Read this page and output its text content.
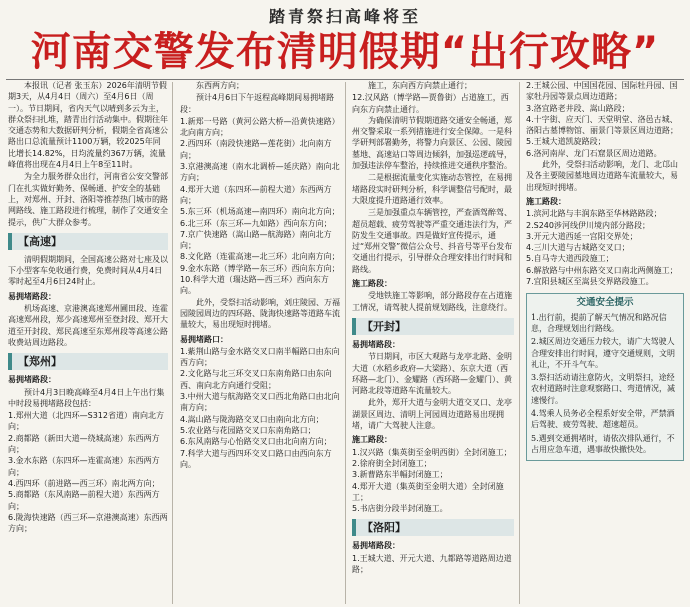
踏青祭扫高峰将至
河南交警发布清明假期“出行攻略”

本报讯（记者 张玉东）2026年清明节假期3天，从4月4日（周六）至4月6日（周一）。节日期间，省内天气以晴到多云为主，群众祭扫扎堆，踏青出行活动集中。假期往年交通态势和大数据研判分析，假期全省高速公路出口总流量预计1100万辆，较2025年同比增长14.82%，日均流量约367万辆，流量峰值将出现在4月4日上午8至11时。

为全力服务群众出行，河南省公安交警部门在扎实做好勤务、保畅通、护安全的基础上，对郑州、开封、洛阳等推荐热门城市的路网路线、施工路段进行梳理，制作了交通安全提示，供广大群众参考。

【高速】

清明假期期间，全国高速公路对七座及以下小型客车免收通行费，免费时间从4月4日零时起至4月6日24时止。

易拥堵路段：

机场高速、京港澳高速郑州圃田段、连霍高速郑州段，郑少高速郑州至登封段、郑开大道至开封段、郑民高速至东郑州段等高速公路收费站周边路段。

【郑州】
易拥堵路段：

预计4月3日晚高峰至4月4日上午出行集中时段易拥堵路段包括：

1.郑州大道（北四环—S312省道）南向北方向；
2.商都路（新田大道—绕城高速）东西两方向；
3.金水东路（东四环—连霍高速）东西两方向；
4.西四环（前进路—西三环）南北两方向；
5.商都路（东风南路—前程大道）东西两方向；
6.陇海快速路（西三环—京港澳高速）东西两方向；

东西两方向；

预计4月6日下午返程高峰期间易拥堵路段：

1.新郑一号路（黄河公路大桥—沿黄快速路）北向南方向；
2.西四环（南段快速路—莲花街）北向南方向；
3.京港澳高速（南水北调桥—延庆路）南向北方向；
4.郑开大道（东四环—前程大道）东西两方向；
5.东三环（机场高速—南四环）南向北方向；
6.北三环（东三环—九如路）西向东方向；
7.京广快速路（嵩山路—航海路）南向北方向；
8.文化路（连霍高速—北三环）北向南方向；
9.金水东路（博学路—东三环）西向东方向；
10.科学大道（瑞达路—西三环）西向东方向。

此外，受祭扫活动影响，刘庄陵园、万福园陵园周边的四环路、陇海快速路等道路车流量较大，易出现短时拥堵。

易拥堵路口：
1.紫荆山路与金水路交叉口南半幅路口由东向西方向；
2.文化路与北三环交叉口东南角路口由东向西、南向北方向通行受阻；
3.中州大道与航海路交叉口西北角路口由北向南方向；
4.嵩山路与陇海路交叉口由南向北方向；
5.农业路与花园路交叉口东南角路口；
6.东风南路与心怡路交叉口由北向南方向；
7.科学大道与西四环交叉口路口由西向东方向。

施工，东向西方向禁止通行；

12.汉风路（博学路—贾鲁街）占道施工，西向东方向禁止通行。

为确保清明节假期道路交通安全畅通，郑州交警采取一系列措施进行安全保障。一是科学研判部署勤务，将警力向景区、公园、陵园墓地、高速站口等周边倾斜，加强巡逻疏导，加强违法停车整治，持续推进交通秩序整治。

二是根据流量变化实施动态管控，在易拥堵路段实时研判分析，科学调整信号配时，最大限度提升道路通行效率。

三是加强重点车辆管控，严查酒驾醉驾、超员超载、疲劳驾驶等严重交通违法行为，严防发生交通事故。四是做好宣传提示，通过“郑州交警”微信公众号、抖音号等平台发布交通出行提示，引导群众合理安排出行时间和路线。

施工路段：

受地铁施工等影响，部分路段存在占道施工情况，请驾驶人提前规划路线，注意绕行。

【开封】
易拥堵路段：

节日期间，市区大观路与龙亭北路、金明大道（水稻乡政府—大梁路）、东京大道（西环路—北门）、金耀路（西环路—金耀门）、黄河路北段等道路车流量较大。

此外，郑开大道与金明大道交叉口、龙亭湖景区周边、清明上河园周边道路易出现拥堵，请广大驾驶人注意。

施工路段：
1.汉兴路（集英街至金明西街）全封闭施工；
2.徐府街全封闭施工；
3.新曹路东半幅封闭施工；
4.郑开大道（集英街至金明大道）全封闭施工；
5.书店街分段半封闭施工。
【洛阳】
易拥堵路段：
1.王城大道、开元大道、九都路等道路周边道路；
2.王城公园、中国国花园、国际牡丹园、国家牡丹园等景点周边道路；
3.洛宜路老井段、嵩山路段；
4.十字街、应天门、天堂明堂、洛邑古城、洛阳古墓博物馆、丽景门等景区周边道路；
5.王城大道凯旋路段；
6.洛河南岸、龙门石窟景区周边道路。

此外，受祭扫活动影响，龙门、北邙山及各主要陵园墓地周边道路车流量较大，易出现短时拥堵。

施工路段：
1.滨河北路与丰润东路至华林路路段；
2.S240涉河线伊川境内部分路段；
3.开元大道西延一宫阳交界处；
4.三川大道与古城路交叉口；
5.自马寺大道西段施工；
6.解放路与中州东路交叉口南北两侧施工；
7.宜阳县城区至嵩县交界路段施工。
交通安全提示

1.出行前，提前了解天气情况和路况信息，合理规划出行路线。

2.城区周边交通压力较大，请广大驾驶人合理安排出行时间，遵守交通规则，文明礼让，不开斗气车。

3.祭扫活动请注意防火，文明祭扫，途经农村道路时注意观察路口、弯道情况，减速慢行。

4.驾乘人员务必全程系好安全带，严禁酒后驾驶、疲劳驾驶、超速超员。

5.遇到交通拥堵时，请依次排队通行，不占用应急车道，遇事故快撤快处。
